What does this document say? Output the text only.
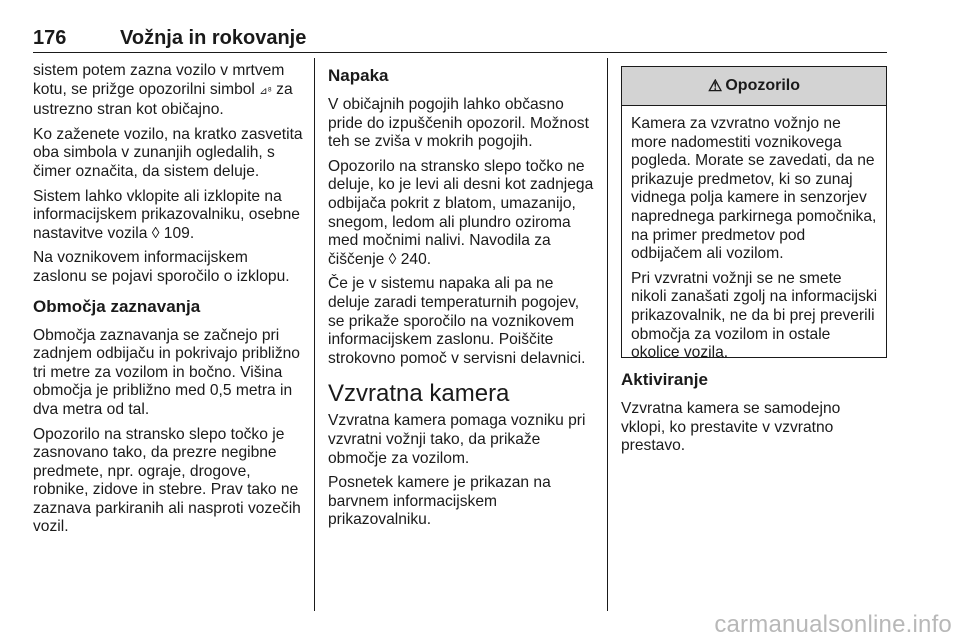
176	Vožnja in rokovanje

sistem potem zazna vozilo v mrtvem kotu, se prižge opozorilni simbol ⊿⁸ za ustrezno stran kot običajno.

Ko zaženete vozilo, na kratko zasvetita oba simbola v zunanjih ogledalih, s čimer označita, da sistem deluje.

Sistem lahko vklopite ali izklopite na informacijskem prikazovalniku, osebne nastavitve vozila ◊ 109.

Na voznikovem informacijskem zaslonu se pojavi sporočilo o izklopu.

Območja zaznavanja

Območja zaznavanja se začnejo pri zadnjem odbijaču in pokrivajo približno tri metre za vozilom in bočno. Višina območja je približno med 0,5 metra in dva metra od tal.

Opozorilo na stransko slepo točko je zasnovano tako, da prezre negibne predmete, npr. ograje, drogove, robnike, zidove in stebre. Prav tako ne zaznava parkiranih ali nasproti vozečih vozil.

Napaka

V običajnih pogojih lahko občasno pride do izpuščenih opozoril. Možnost teh se zviša v mokrih pogojih.

Opozorilo na stransko slepo točko ne deluje, ko je levi ali desni kot zadnjega odbijača pokrit z blatom, umazanijo, snegom, ledom ali plundro oziroma med močnimi nalivi. Navodila za čiščenje ◊ 240.

Če je v sistemu napaka ali pa ne deluje zaradi temperaturnih pogojev, se prikaže sporočilo na voznikovem informacijskem zaslonu. Poiščite strokovno pomoč v servisni delavnici.

Vzvratna kamera

Vzvratna kamera pomaga vozniku pri vzvratni vožnji tako, da prikaže območje za vozilom.

Posnetek kamere je prikazan na barvnem informacijskem prikazovalniku.

⚠ Opozorilo

Kamera za vzvratno vožnjo ne more nadomestiti voznikovega pogleda. Morate se zavedati, da ne prikazuje predmetov, ki so zunaj vidnega polja kamere in senzorjev naprednega parkirnega pomočnika, na primer predmetov pod odbijačem ali vozilom.

Pri vzvratni vožnji se ne smete nikoli zanašati zgolj na informacijski prikazovalnik, ne da bi prej preverili območja za vozilom in ostale okolice vozila.

Aktiviranje

Vzvratna kamera se samodejno vklopi, ko prestavite v vzvratno prestavo.

carmanualsonline.info
